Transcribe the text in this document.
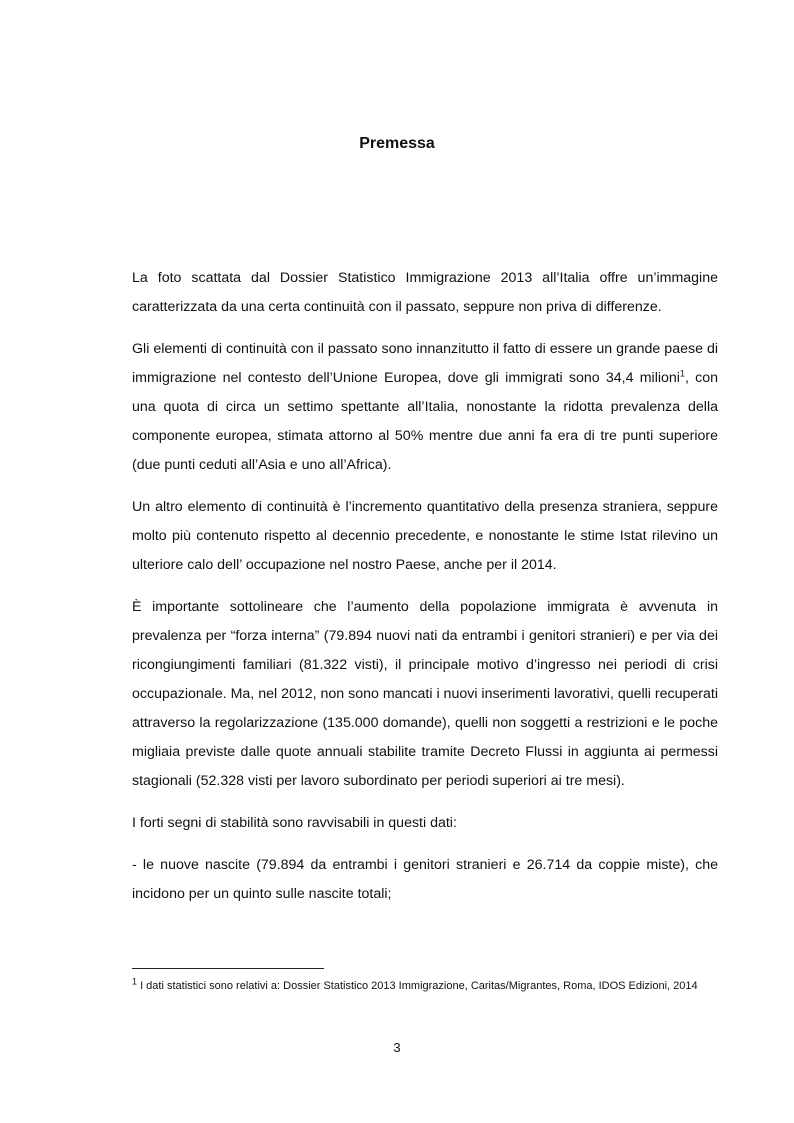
Premessa

La foto scattata dal Dossier Statistico Immigrazione 2013 all’Italia offre un’immagine caratterizzata da una certa continuità con il passato, seppure non priva di differenze.

Gli elementi di continuità con il passato sono innanzitutto il fatto di essere un grande paese di immigrazione nel contesto dell’Unione Europea, dove gli immigrati sono 34,4 milioni$^1$, con una quota di circa un settimo spettante all’Italia, nonostante la ridotta prevalenza della componente europea, stimata attorno al 50% mentre due anni fa era di tre punti superiore (due punti ceduti all’Asia e uno all’Africa).

Un altro elemento di continuità è l’incremento quantitativo della presenza straniera, seppure molto più contenuto rispetto al decennio precedente, e nonostante le stime Istat rilevino un ulteriore calo dell’ occupazione nel nostro Paese, anche per il 2014.

È importante sottolineare che l’aumento della popolazione immigrata è avvenuta in prevalenza per “forza interna” (79.894 nuovi nati da entrambi i genitori stranieri) e per via dei ricongiungimenti familiari (81.322 visti), il principale motivo d’ingresso nei periodi di crisi occupazionale. Ma, nel 2012, non sono mancati i nuovi inserimenti lavorativi, quelli recuperati attraverso la regolarizzazione (135.000 domande), quelli non soggetti a restrizioni e le poche migliaia previste dalle quote annuali stabilite tramite Decreto Flussi in aggiunta ai permessi stagionali (52.328 visti per lavoro subordinato per periodi superiori ai tre mesi).

I forti segni di stabilità sono ravvisabili in questi dati:

- le nuove nascite (79.894 da entrambi i genitori stranieri e 26.714 da coppie miste), che incidono per un quinto sulle nascite totali;

$^1$ I dati statistici sono relativi a: Dossier Statistico 2013 Immigrazione, Caritas/Migrantes, Roma, IDOS Edizioni, 2014
3
